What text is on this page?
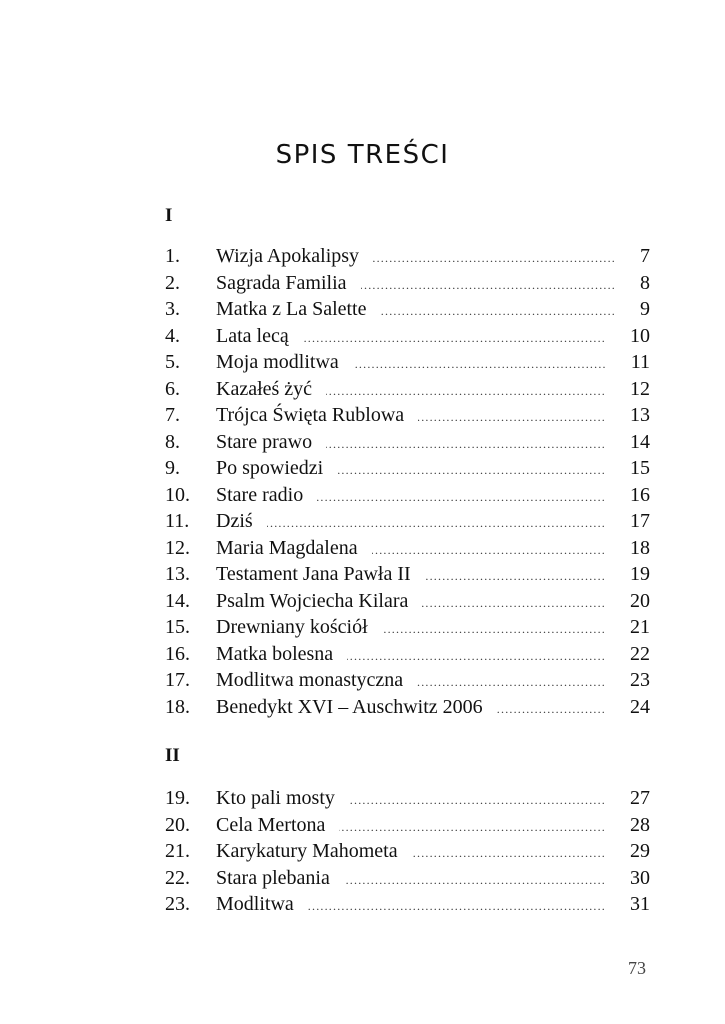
SPIS TREŚCI
I
1.	Wizja Apokalipsy .....	7
2.	Sagrada Familia .....	8
3.	Matka z La Salette .....	9
4.	Lata lecą .....	10
5.	Moja modlitwa .....	11
6.	Kazałeś żyć .....	12
7.	Trójca Święta Rublowa .....	13
8.	Stare prawo .....	14
9.	Po spowiedzi .....	15
10.	Stare radio .....	16
11.	Dziś .....	17
12.	Maria Magdalena .....	18
13.	Testament Jana Pawła II .....	19
14.	Psalm Wojciecha Kilara .....	20
15.	Drewniany kościół .....	21
16.	Matka bolesna .....	22
17.	Modlitwa monastyczna .....	23
18.	Benedykt XVI – Auschwitz 2006 .....	24
II
19.	Kto pali mosty .....	27
20.	Cela Mertona .....	28
21.	Karykatury Mahometa .....	29
22.	Stara plebania .....	30
23.	Modlitwa .....	31
73
